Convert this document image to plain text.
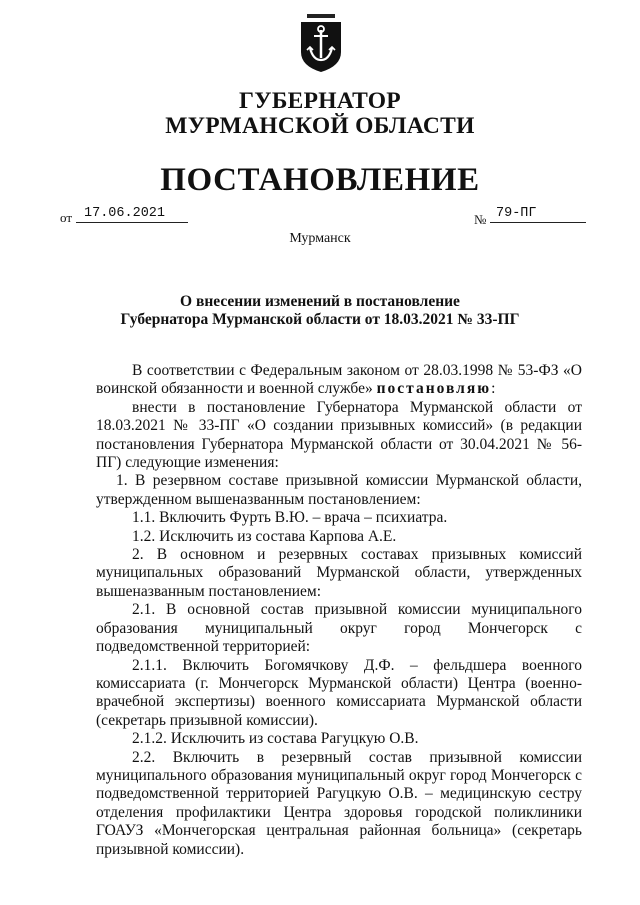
ГУБЕРНАТОР
МУРМАНСКОЙ ОБЛАСТИ
ПОСТАНОВЛЕНИЕ
от 17.06.2021	№ 79-ПГ
Мурманск
О внесении изменений в постановление
Губернатора Мурманской области от 18.03.2021 № 33-ПГ

В соответствии с Федеральным законом от 28.03.1998 № 53-ФЗ «О воинской обязанности и военной службе» постановляю:

внести в постановление Губернатора Мурманской области от 18.03.2021 № 33-ПГ «О создании призывных комиссий» (в редакции постановления Губернатора Мурманской области от 30.04.2021 № 56-ПГ) следующие изменения:

1. В резервном составе призывной комиссии Мурманской области, утвержденном вышеназванным постановлением:

1.1. Включить Фурть В.Ю. – врача – психиатра.

1.2. Исключить из состава Карпова А.Е.

2. В основном и резервных составах призывных комиссий муниципальных образований Мурманской области, утвержденных вышеназванным постановлением:

2.1. В основной состав призывной комиссии муниципального образования муниципальный округ город Мончегорск с подведомственной территорией:

2.1.1. Включить Богомячкову Д.Ф. – фельдшера военного комиссариата (г. Мончегорск Мурманской области) Центра (военно-врачебной экспертизы) военного комиссариата Мурманской области (секретарь призывной комиссии).

2.1.2. Исключить из состава Рагуцкую О.В.

2.2. Включить в резервный состав призывной комиссии муниципального образования муниципальный округ город Мончегорск с подведомственной территорией Рагуцкую О.В. – медицинскую сестру отделения профилактики Центра здоровья городской поликлиники ГОАУЗ «Мончегорская центральная районная больница» (секретарь призывной комиссии).
